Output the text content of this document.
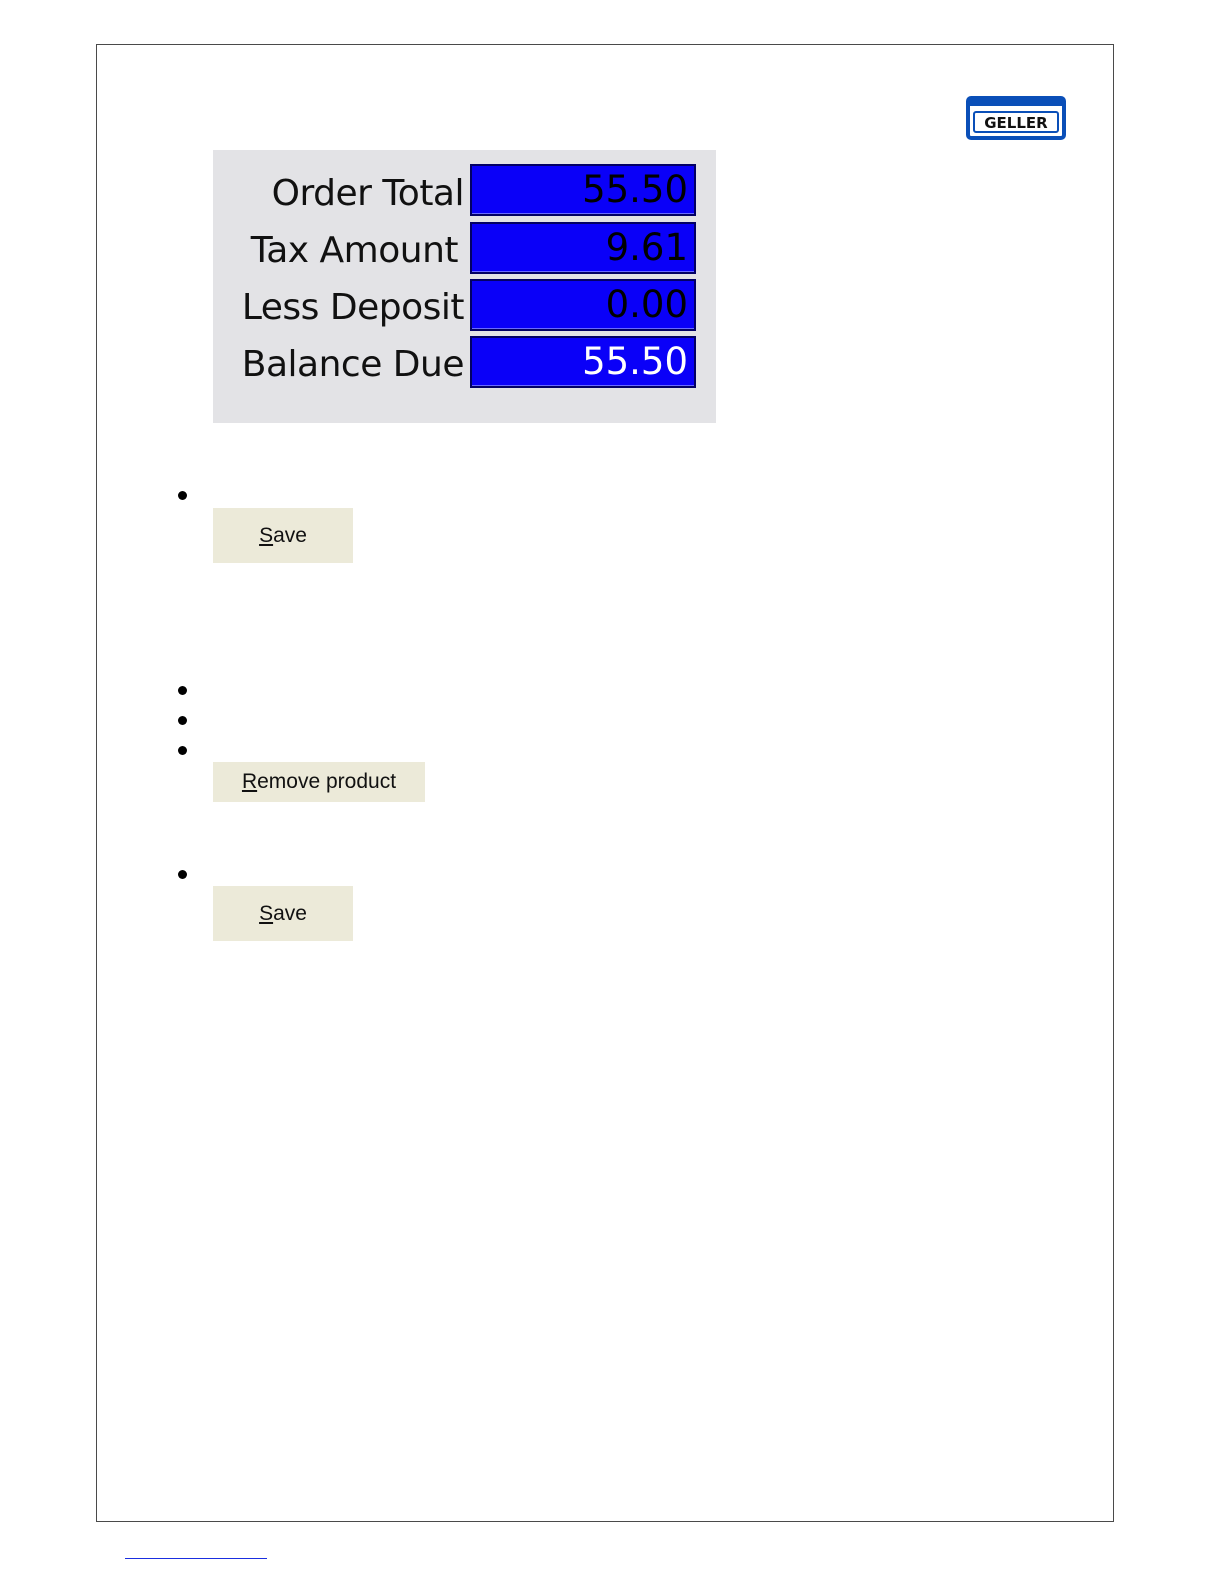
GELLER
Order Total	55.50
Tax Amount	9.61
Less Deposit	0.00
Balance Due	55.50
Save
Remove product
Save
